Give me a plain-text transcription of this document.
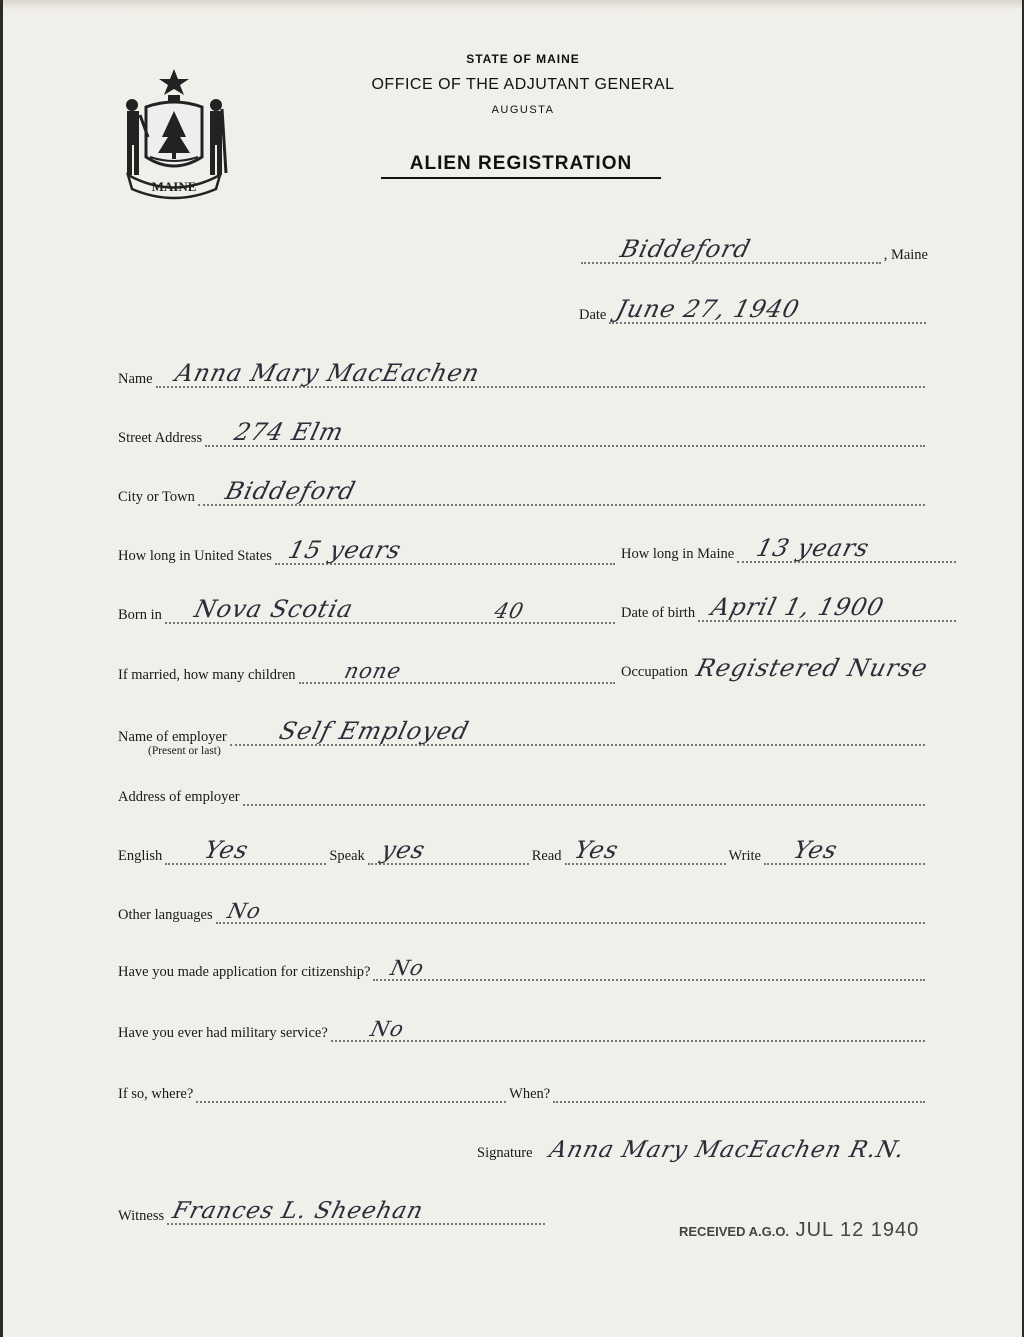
MAINE
STATE OF MAINE
OFFICE OF THE ADJUTANT GENERAL
AUGUSTA
ALIEN REGISTRATION
Biddeford	, Maine
Date June 27, 1940
Name Anna Mary MacEachen
Street Address 274 Elm
City or Town Biddeford
How long in United States 15 years	How long in Maine 13 years
Born in Nova Scotia	40	Date of birth April 1, 1900
If married, how many children none	Occupation Registered Nurse
Name of employer Self Employed
(Present or last)
Address of employer
English Yes	Speak yes	Read Yes	Write Yes
Other languages No
Have you made application for citizenship? No
Have you ever had military service? No
If so, where?	When?
Signature Anna Mary MacEachen R.N.
Witness Frances L. Sheehan
RECEIVED A.G.O. JUL 12 1940
